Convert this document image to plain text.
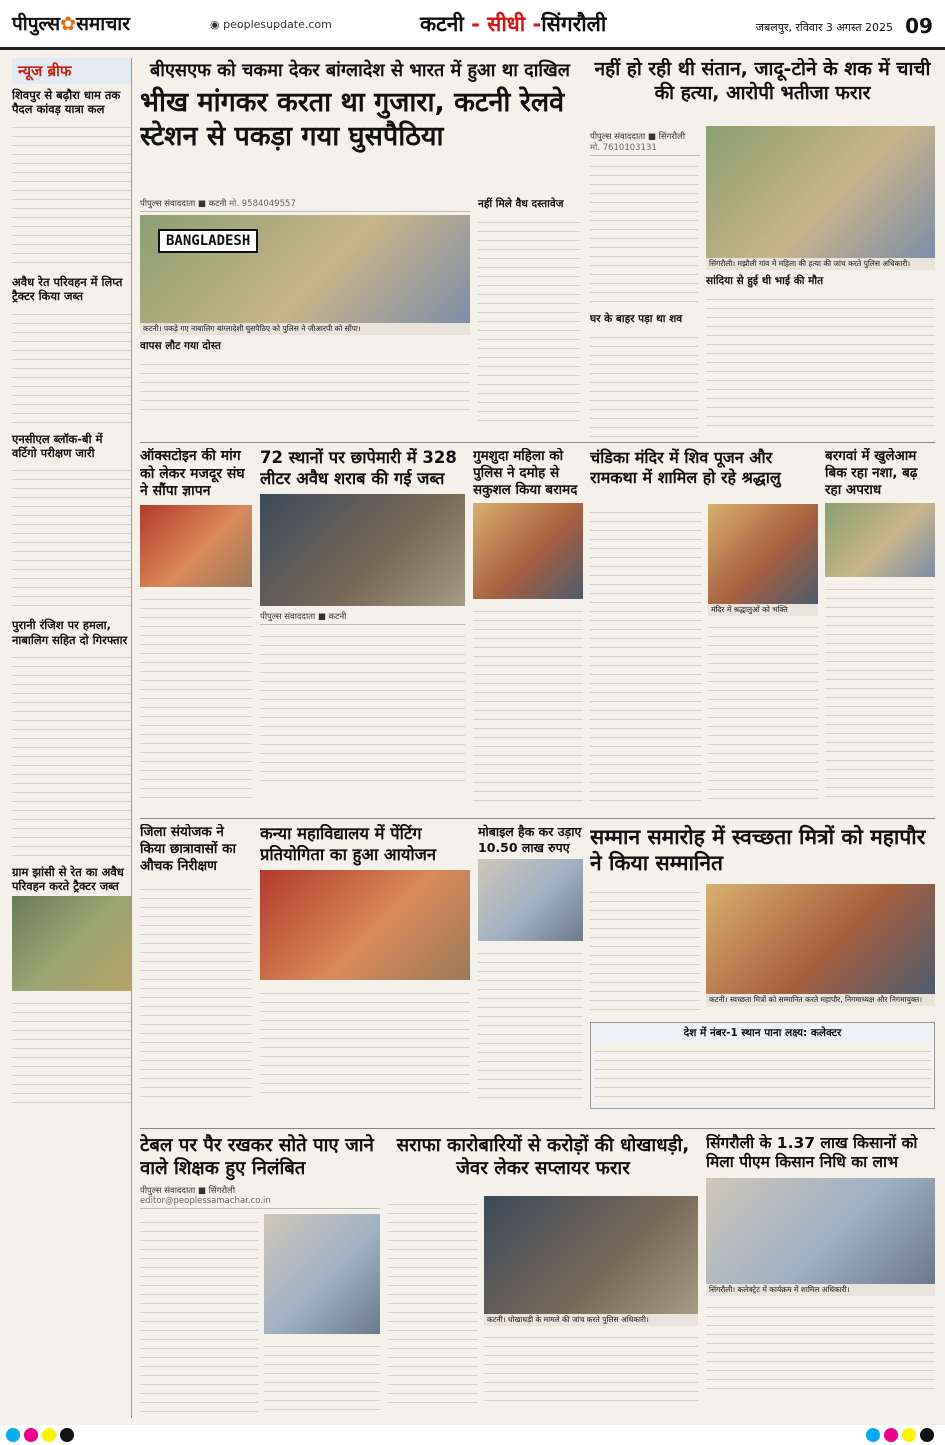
पीपुल्स✿समाचार	◉ peoplesupdate.com	कटनी - सीधी -सिंगरौली	जबलपुर, रविवार 3 अगस्त 2025 09
न्यूज ब्रीफ
शिवपुर से बढ़ौरा धाम तक पैदल कांवड़ यात्रा कल
अवैध रेत परिवहन में लिप्त ट्रैक्टर किया जब्त
एनसीएल ब्लॉक-बी में वर्टिगो परीक्षण जारी
पुरानी रंजिश पर हमला, नाबालिग सहित दो गिरफ्तार
ग्राम झांसी से रेत का अवैध परिवहन करते ट्रैक्टर जब्त
बीएसएफ को चकमा देकर बांग्लादेश से भारत में हुआ था दाखिल
भीख मांगकर करता था गुजारा, कटनी रेलवे स्टेशन से पकड़ा गया घुसपैठिया
पीपुल्स संवाददाता ■ कटनी मो. 9584049557
BANGLADESH
कटनी। पकड़े गए नाबालिग बांग्लादेशी घुसपैठिए को पुलिस ने जीआरपी को सौंपा।
वापस लौट गया दोस्त
नहीं मिले वैध दस्तावेज
नहीं हो रही थी संतान, जादू-टोने के शक में चाची की हत्या, आरोपी भतीजा फरार
पीपुल्स संवाददाता ■ सिंगरौली
मो. 7610103131
घर के बाहर पड़ा था शव
सिंगरौली। मझौली गांव में महिला की हत्या की जांच करते पुलिस अधिकारी।
सांदिया से हुई थी भाई की मौत
ऑक्सटोइन की मांग को लेकर मजदूर संघ ने सौंपा ज्ञापन
72 स्थानों पर छापेमारी में 328 लीटर अवैध शराब की गई जब्त
पीपुल्स संवाददाता ■ कटनी
गुमशुदा महिला को पुलिस ने दमोह से सकुशल किया बरामद
चंडिका मंदिर में शिव पूजन और रामकथा में शामिल हो रहे श्रद्धालु
मंदिर में श्रद्धालुओं को भक्ति
बरगवां में खुलेआम बिक रहा नशा, बढ़ रहा अपराध
जिला संयोजक ने किया छात्रावासों का औचक निरीक्षण
कन्या महाविद्यालय में पेंटिंग प्रतियोगिता का हुआ आयोजन
मोबाइल हैक कर उड़ाए 10.50 लाख रुपए सम्मान समारोह में स्वच्छता मित्रों को महापौर ने किया सम्मानित
कटनी। स्वच्छता मित्रों को सम्मानित करते महापौर, निगमाध्यक्ष और निगमायुक्त।
देश में नंबर-1 स्थान पाना लक्ष्य: कलेक्टर
टेबल पर पैर रखकर सोते पाए जाने वाले शिक्षक हुए निलंबित
पीपुल्स संवाददाता ■ सिंगरौली
editor@peoplessamachar.co.in
सराफा कारोबारियों से करोड़ों की धोखाधड़ी, जेवर लेकर सप्लायर फरार
कटनी। धोखाधड़ी के मामले की जांच करते पुलिस अधिकारी।
सिंगरौली के 1.37 लाख किसानों को मिला पीएम किसान निधि का लाभ
सिंगरौली। कलेक्ट्रेट में कार्यक्रम में शामिल अधिकारी।
